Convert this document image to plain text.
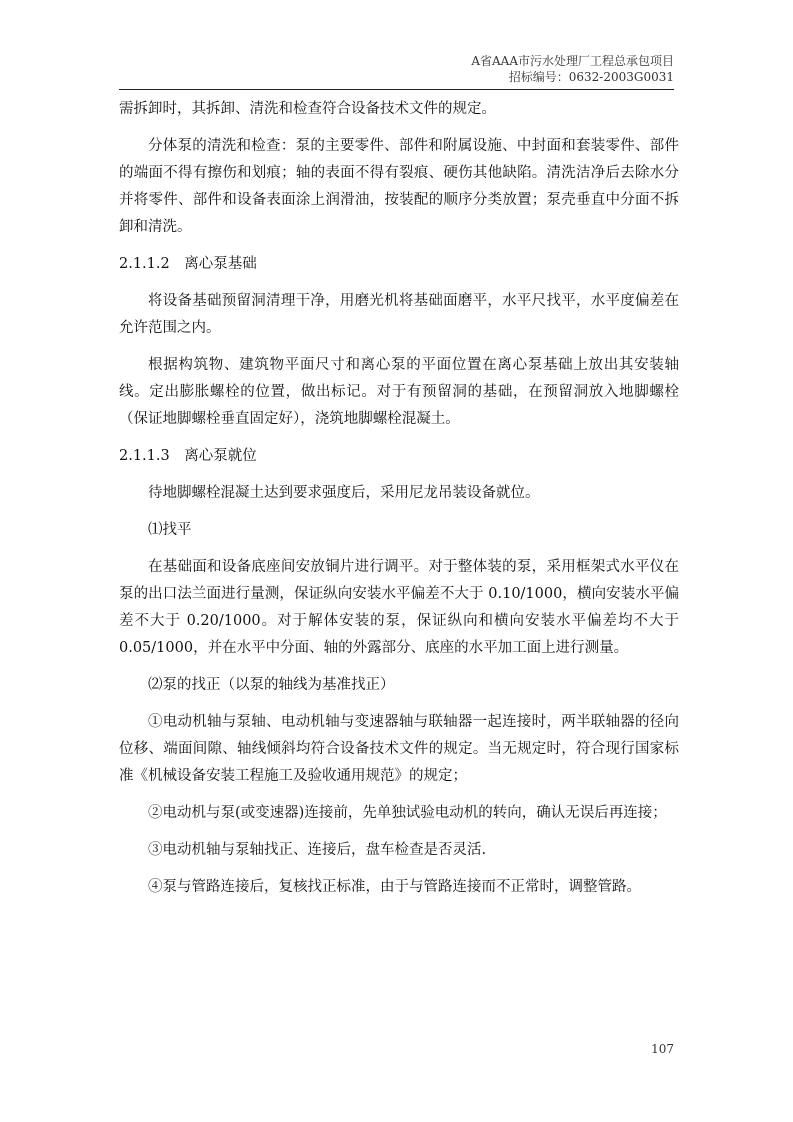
A省AAA市污水处理厂工程总承包项目
招标编号：0632-2003G0031

需拆卸时，其拆卸、清洗和检查符合设备技术文件的规定。

分体泵的清洗和检查：泵的主要零件、部件和附属设施、中封面和套装零件、部件的端面不得有擦伤和划痕；轴的表面不得有裂痕、硬伤其他缺陷。清洗洁净后去除水分并将零件、部件和设备表面涂上润滑油，按装配的顺序分类放置；泵壳垂直中分面不拆卸和清洗。

2.1.1.2 离心泵基础

将设备基础预留洞清理干净，用磨光机将基础面磨平，水平尺找平，水平度偏差在允许范围之内。

根据构筑物、建筑物平面尺寸和离心泵的平面位置在离心泵基础上放出其安装轴线。定出膨胀螺栓的位置，做出标记。对于有预留洞的基础，在预留洞放入地脚螺栓（保证地脚螺栓垂直固定好），浇筑地脚螺栓混凝土。

2.1.1.3 离心泵就位

待地脚螺栓混凝土达到要求强度后，采用尼龙吊装设备就位。

⑴找平

在基础面和设备底座间安放铜片进行调平。对于整体装的泵，采用框架式水平仪在泵的出口法兰面进行量测，保证纵向安装水平偏差不大于 0.10/1000，横向安装水平偏差不大于 0.20/1000。对于解体安装的泵，保证纵向和横向安装水平偏差均不大于 0.05/1000，并在水平中分面、轴的外露部分、底座的水平加工面上进行测量。

⑵泵的找正（以泵的轴线为基准找正）

①电动机轴与泵轴、电动机轴与变速器轴与联轴器一起连接时，两半联轴器的径向位移、端面间隙、轴线倾斜均符合设备技术文件的规定。当无规定时，符合现行国家标准《机械设备安装工程施工及验收通用规范》的规定；

②电动机与泵(或变速器)连接前，先单独试验电动机的转向，确认无误后再连接；

③电动机轴与泵轴找正、连接后，盘车检查是否灵活.

④泵与管路连接后，复核找正标准，由于与管路连接而不正常时，调整管路。

107
